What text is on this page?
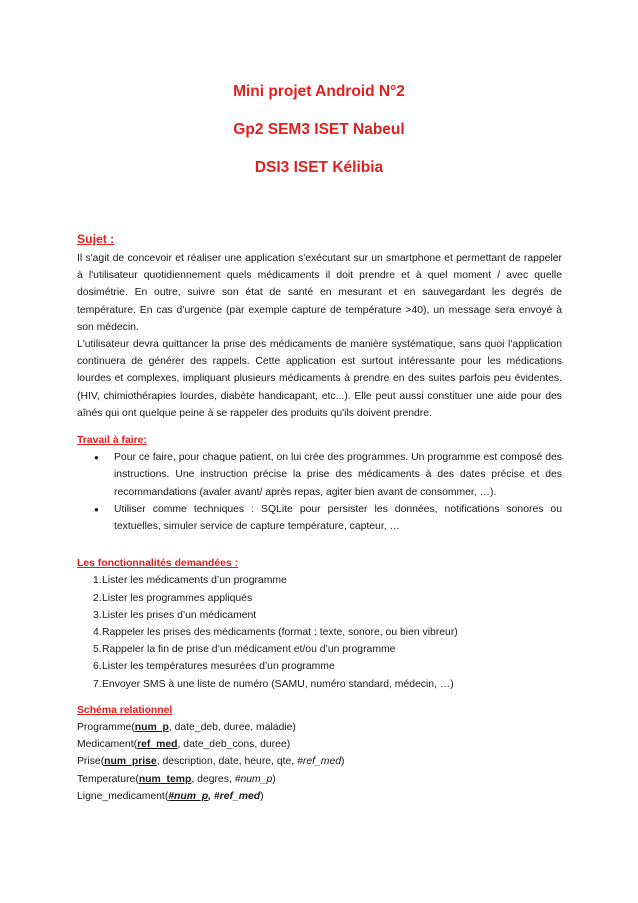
Mini projet Android N°2
Gp2 SEM3 ISET Nabeul
DSI3 ISET Kélibia
Sujet :

Il s'agit de concevoir et réaliser une application s'exécutant sur un smartphone et permettant de rappeler à l'utilisateur quotidiennement quels médicaments il doit prendre et à quel moment / avec quelle dosimétrie. En outre, suivre son état de santé en mesurant et en sauvegardant les degrés de température. En cas d’urgence (par exemple capture de température >40), un message sera envoyé à son médecin.

L'utilisateur devra quittancer la prise des médicaments de manière systématique, sans quoi l'application continuera de générer des rappels. Cette application est surtout intéressante pour les médications lourdes et complexes, impliquant plusieurs médicaments à prendre en des suites parfois peu évidentes. (HIV, chimiothérapies lourdes, diabète handicapant, etc...). Elle peut aussi constituer une aide pour des aînés qui ont quelque peine à se rappeler des produits qu'ils doivent prendre.

Travail à faire:
● Pour ce faire, pour chaque patient, on lui crée des programmes. Un programme est composé des instructions. Une instruction précise la prise des médicaments à des dates précise et des recommandations (avaler avant/ après repas, agiter bien avant de consommer, …).
● Utiliser comme techniques : SQLite pour persister les données, notifications sonores ou textuelles, simuler service de capture température, capteur, …
Les fonctionnalités demandées :
1. Lister les médicaments d’un programme
2. Lister les programmes appliqués
3. Lister les prises d’un médicament
4. Rappeler les prises des médicaments (format : texte, sonore, ou bien vibreur)
5. Rappeler la fin de prise d’un médicament et/ou d’un programme
6. Lister les températures mesurées d’un programme
7. Envoyer SMS à une liste de numéro (SAMU, numéro standard, médecin, …)
Schéma relationnel
Programme(num_p, date_deb, duree, maladie)
Medicament(ref_med, date_deb_cons, duree)
Prise(num_prise, description, date, heure, qte, #ref_med)
Temperature(num_temp, degres, #num_p)
Ligne_medicament(#num_p, #ref_med)
